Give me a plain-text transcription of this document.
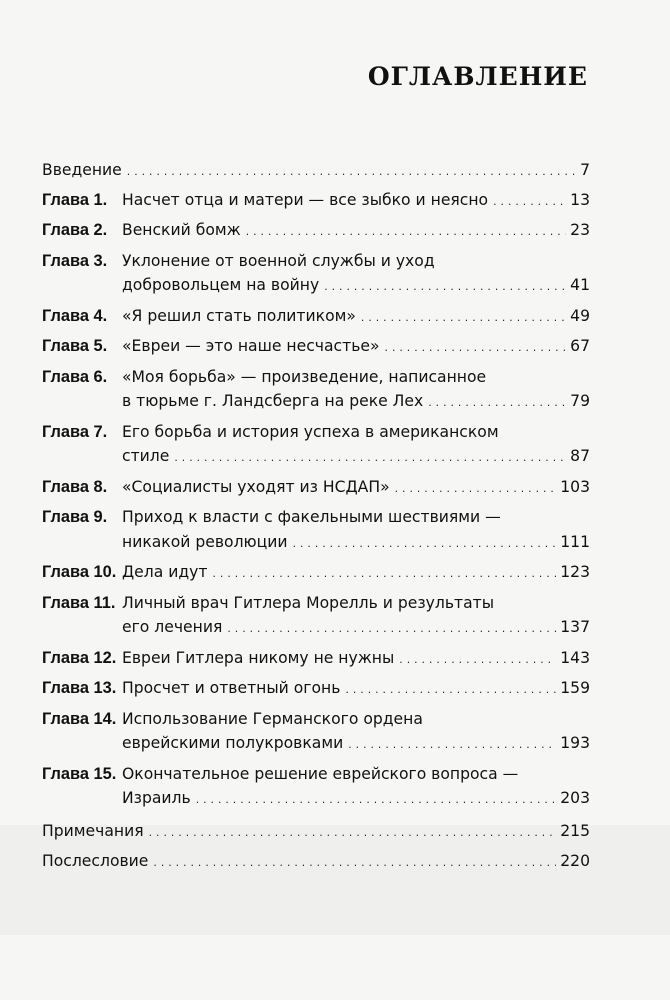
ОГЛАВЛЕНИЕ
Введение .....	7
Глава 1. Насчет отца и матери — все зыбко и неясно .....	13
Глава 2. Венский бомж .....	23
Глава 3. Уклонение от военной службы и уход
добровольцем на войну .....	41
Глава 4. «Я решил стать политиком» .....	49
Глава 5. «Евреи — это наше несчастье» .....	67
Глава 6. «Моя борьба» — произведение, написанное
в тюрьме г. Ландсберга на реке Лех .....	79
Глава 7. Его борьба и история успеха в американском
стиле .....	87
Глава 8. «Социалисты уходят из НСДАП» .....	103
Глава 9. Приход к власти с факельными шествиями —
никакой революции .....	111
Глава 10. Дела идут .....	123
Глава 11. Личный врач Гитлера Морелль и результаты
его лечения .....	137
Глава 12. Евреи Гитлера никому не нужны .....	143
Глава 13. Просчет и ответный огонь .....	159
Глава 14. Использование Германского ордена
еврейскими полукровками .....	193
Глава 15. Окончательное решение еврейского вопроса —
Израиль .....	203
Примечания .....	215
Послесловие .....	220
